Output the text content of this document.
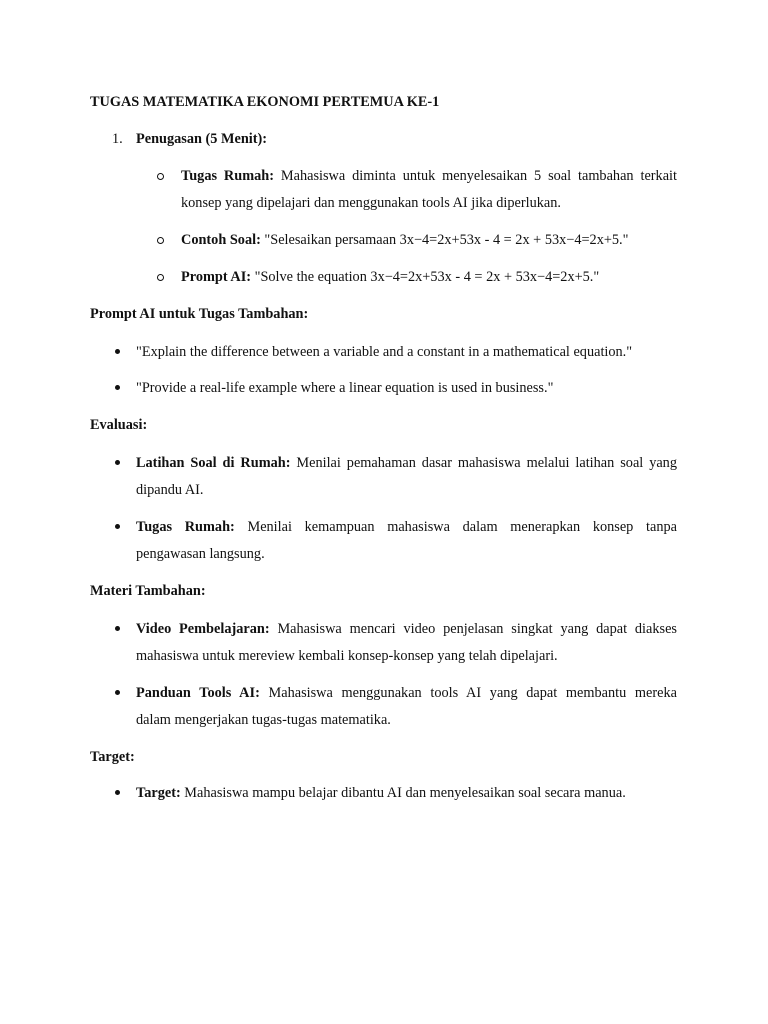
TUGAS MATEMATIKA EKONOMI PERTEMUA KE-1
1. Penugasan (5 Menit):
Tugas Rumah: Mahasiswa diminta untuk menyelesaikan 5 soal tambahan terkait
konsep yang dipelajari dan menggunakan tools AI jika diperlukan.
Contoh Soal: "Selesaikan persamaan 3x−4=2x+53x - 4 = 2x + 53x−4=2x+5."
Prompt AI: "Solve the equation 3x−4=2x+53x - 4 = 2x + 53x−4=2x+5."
Prompt AI untuk Tugas Tambahan:
"Explain the difference between a variable and a constant in a mathematical equation."
"Provide a real-life example where a linear equation is used in business."
Evaluasi:
Latihan Soal di Rumah: Menilai pemahaman dasar mahasiswa melalui latihan soal yang
dipandu AI.
Tugas Rumah: Menilai kemampuan mahasiswa dalam menerapkan konsep tanpa
pengawasan langsung.
Materi Tambahan:
Video Pembelajaran: Mahasiswa mencari video penjelasan singkat yang dapat diakses
mahasiswa untuk mereview kembali konsep-konsep yang telah dipelajari.
Panduan Tools AI: Mahasiswa menggunakan tools AI yang dapat membantu mereka
dalam mengerjakan tugas-tugas matematika.
Target:
Target: Mahasiswa mampu belajar dibantu AI dan menyelesaikan soal secara manua.
